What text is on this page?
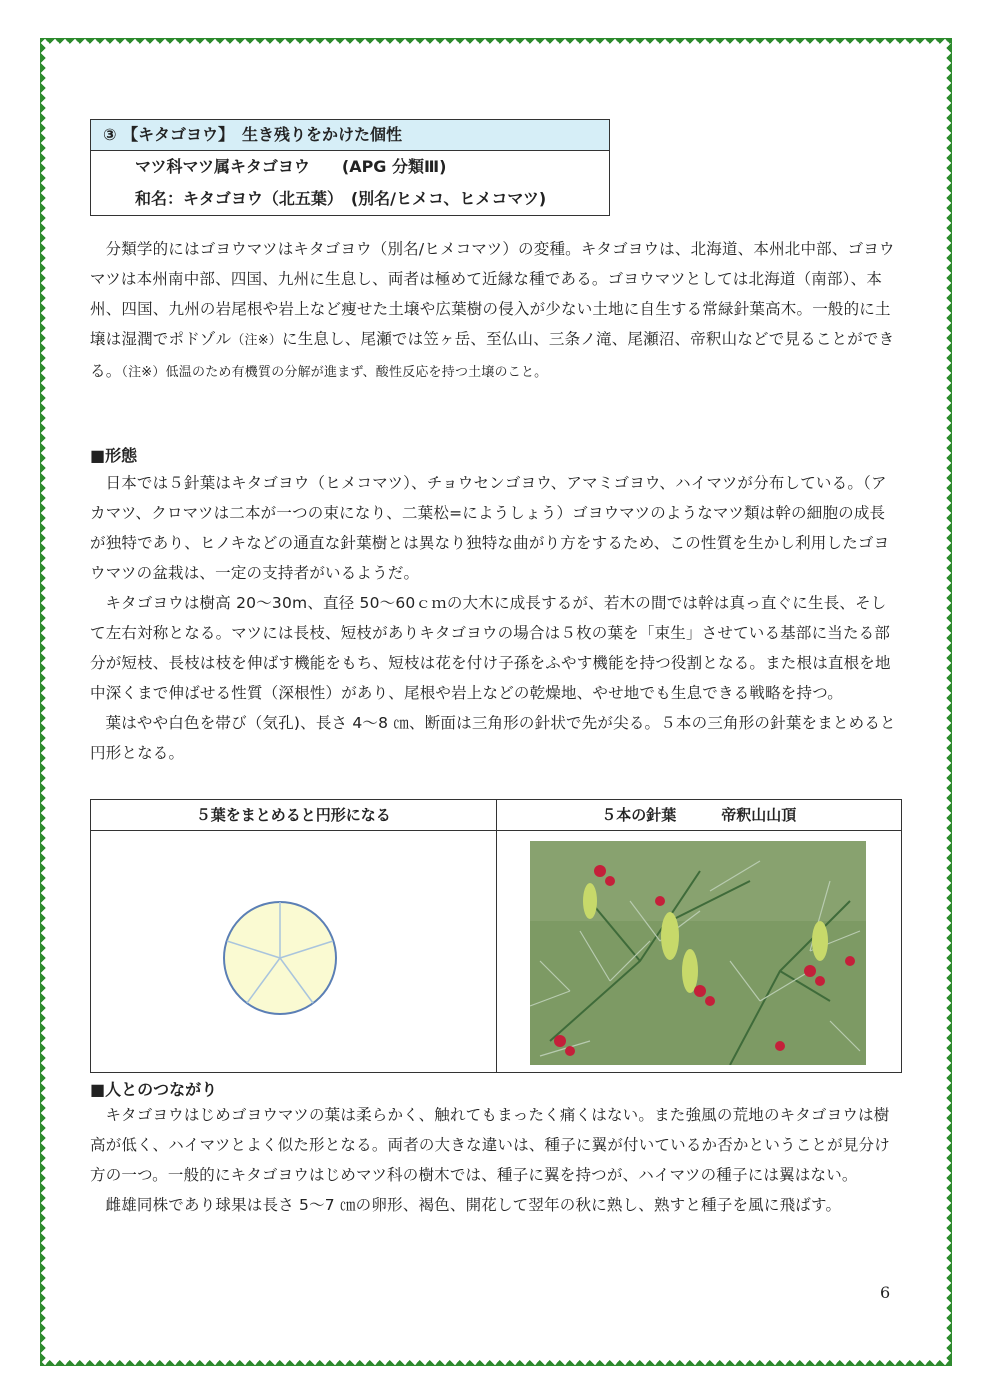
③ 【キタゴヨウ】　生き残りをかけた個性
マツ科マツ属キタゴヨウ　　(APG 分類Ⅲ)
和名：キタゴヨウ（北五葉）　(別名/ヒメコ、ヒメコマツ)

分類学的にはゴヨウマツはキタゴヨウ（別名/ヒメコマツ）の変種。キタゴヨウは、北海道、本州北中部、ゴヨウマツは本州南中部、四国、九州に生息し、両者は極めて近縁な種である。ゴヨウマツとしては北海道（南部）、本州、四国、九州の岩尾根や岩上など痩せた土壌や広葉樹の侵入が少ない土地に自生する常緑針葉高木。一般的に土壌は湿潤でポドゾル（注※）に生息し、尾瀬では笠ヶ岳、至仏山、三条ノ滝、尾瀬沼、帝釈山などで見ることができる。（注※）低温のため有機質の分解が進まず、酸性反応を持つ土壌のこと。

■形態

日本では５針葉はキタゴヨウ（ヒメコマツ）、チョウセンゴヨウ、アマミゴヨウ、ハイマツが分布している。（アカマツ、クロマツは二本が一つの束になり、二葉松=にようしょう）ゴヨウマツのようなマツ類は幹の細胞の成長が独特であり、ヒノキなどの通直な針葉樹とは異なり独特な曲がり方をするため、この性質を生かし利用したゴヨウマツの盆栽は、一定の支持者がいるようだ。

キタゴヨウは樹高 20～30m、直径 50～60ｃｍの大木に成長するが、若木の間では幹は真っ直ぐに生長、そして左右対称となる。マツには長枝、短枝がありキタゴヨウの場合は５枚の葉を「束生」させている基部に当たる部分が短枝、長枝は枝を伸ばす機能をもち、短枝は花を付け子孫をふやす機能を持つ役割となる。また根は直根を地中深くまで伸ばせる性質（深根性）があり、尾根や岩上などの乾燥地、やせ地でも生息できる戦略を持つ。

葉はやや白色を帯び（気孔)、長さ 4～8 ㎝、断面は三角形の針状で先が尖る。５本の三角形の針葉をまとめると円形となる。

５葉をまとめると円形になる	５本の針葉　　　帝釈山山頂
■人とのつながり

キタゴヨウはじめゴヨウマツの葉は柔らかく、触れてもまったく痛くはない。また強風の荒地のキタゴヨウは樹高が低く、ハイマツとよく似た形となる。両者の大きな違いは、種子に翼が付いているか否かということが見分け方の一つ。一般的にキタゴヨウはじめマツ科の樹木では、種子に翼を持つが、ハイマツの種子には翼はない。

雌雄同株であり球果は長さ 5～7 ㎝の卵形、褐色、開花して翌年の秋に熟し、熟すと種子を風に飛ばす。

6
